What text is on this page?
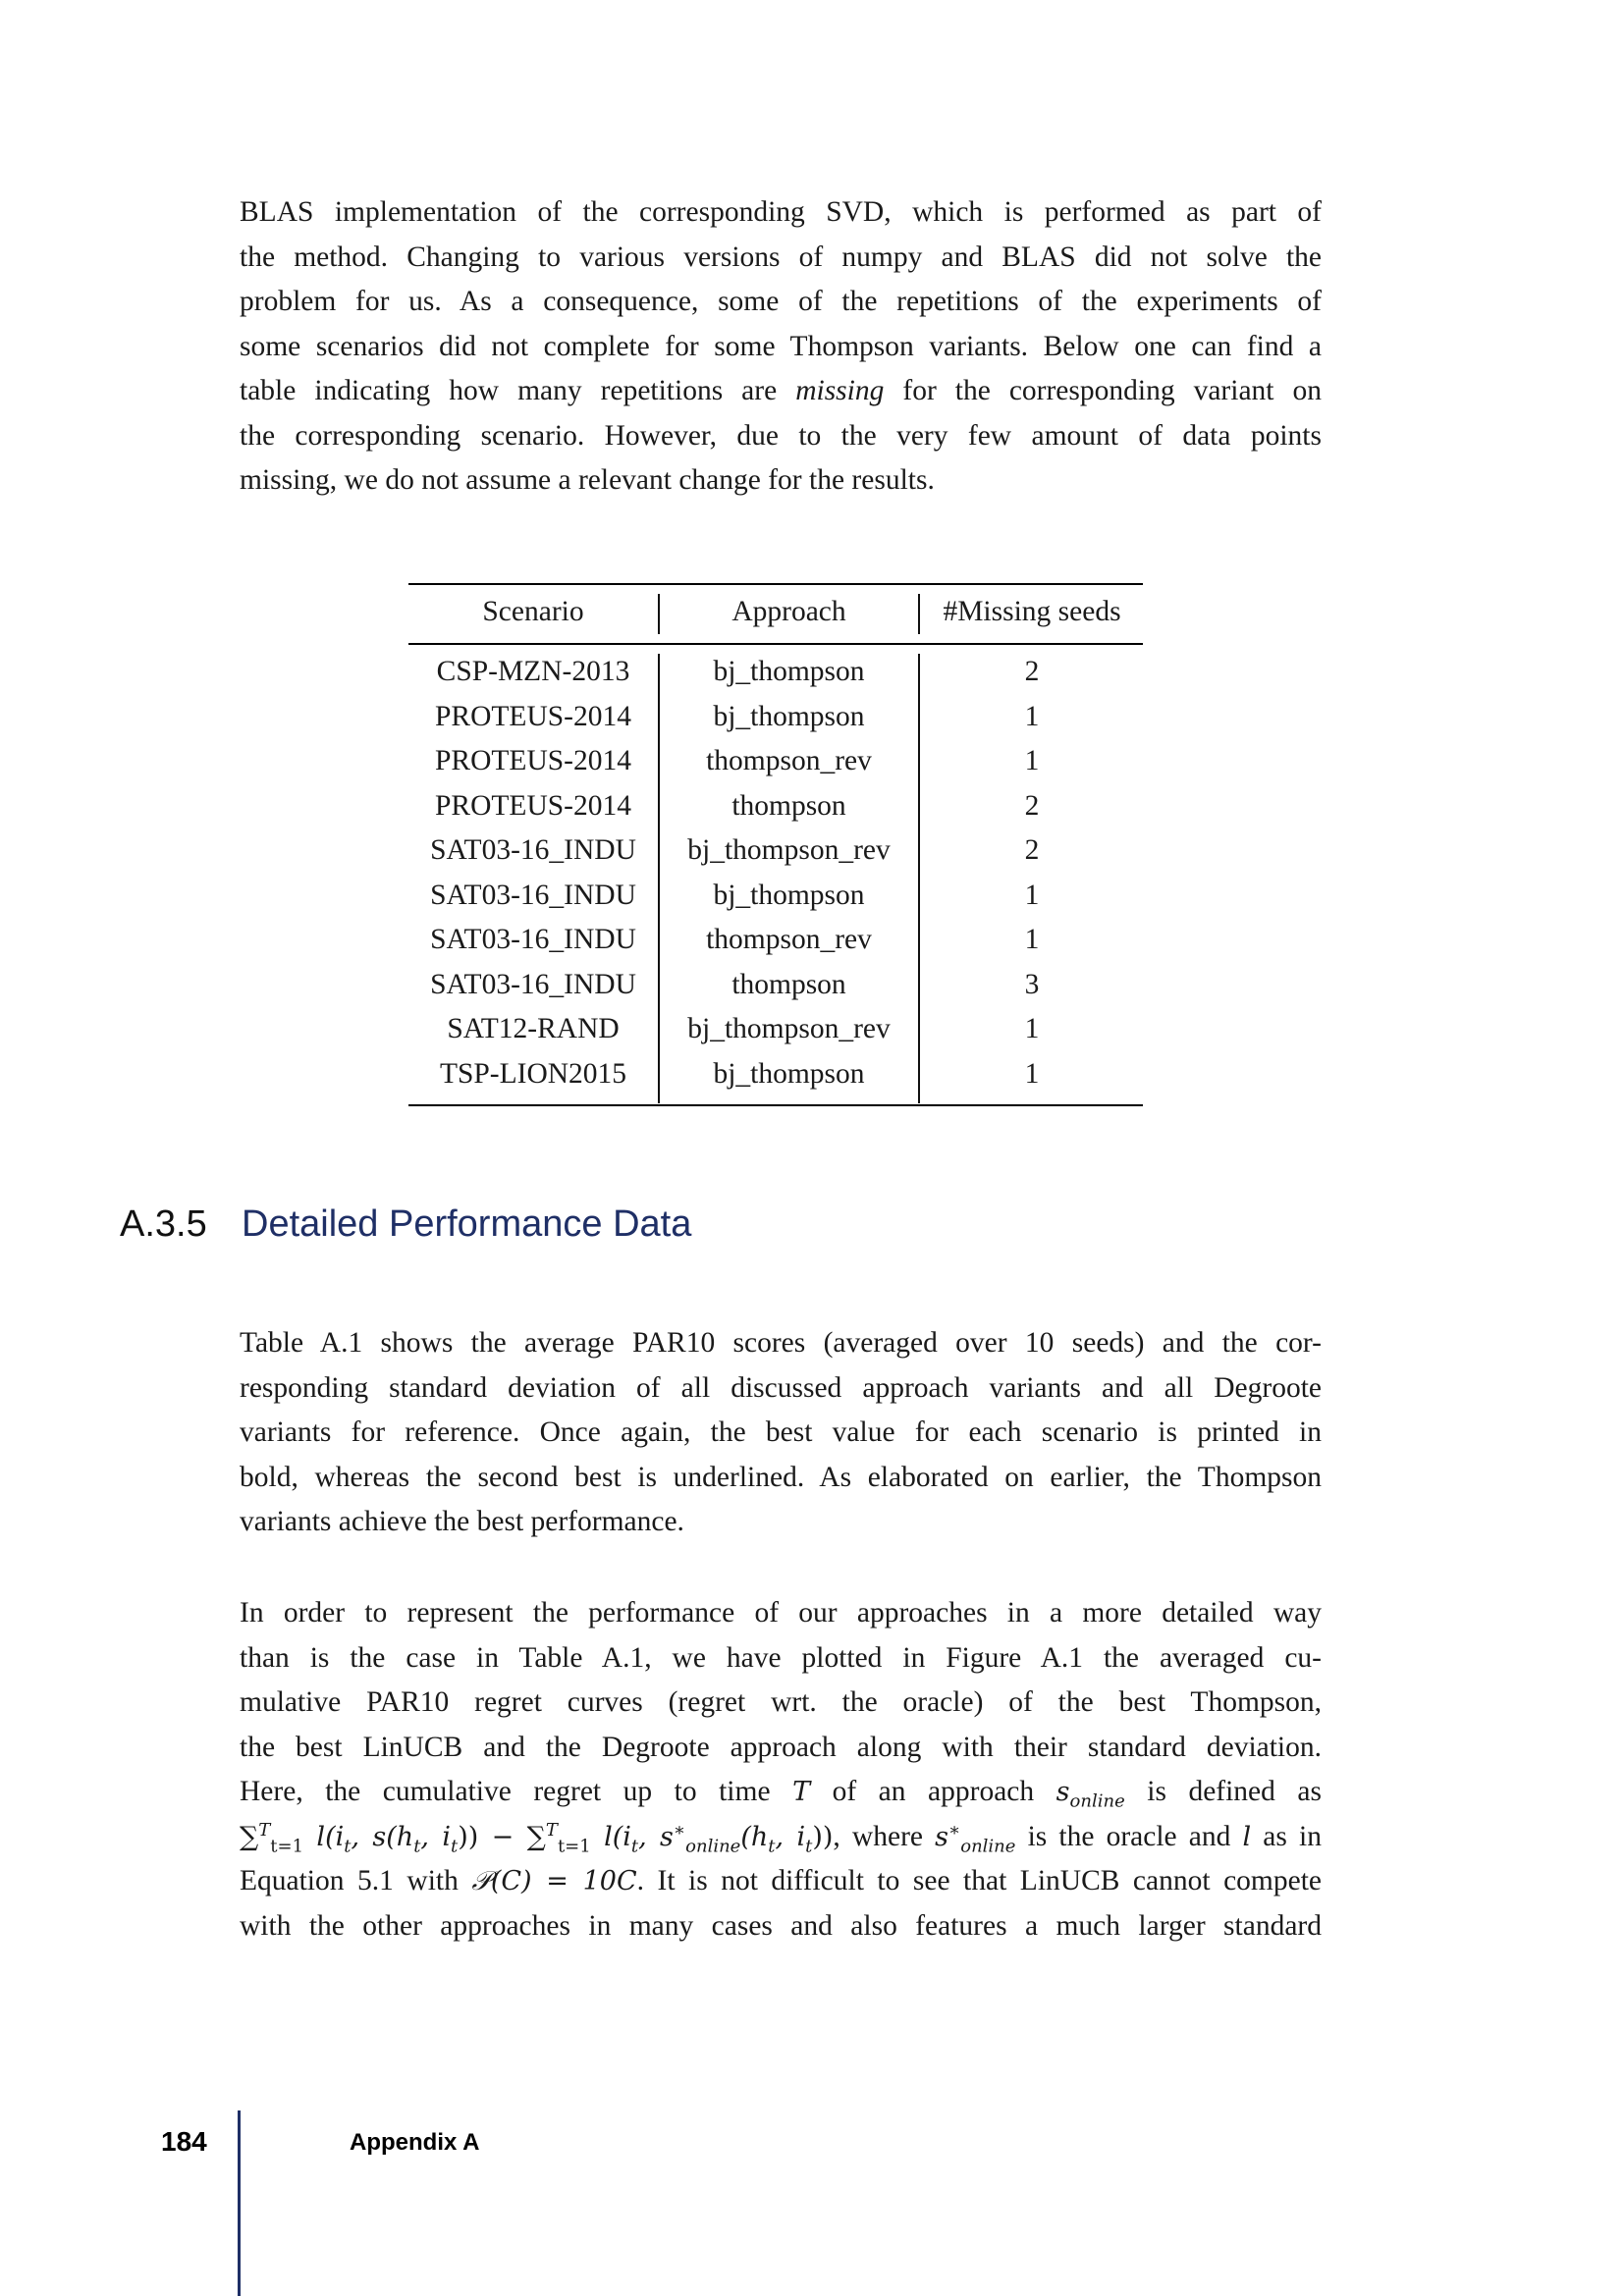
BLAS implementation of the corresponding SVD, which is performed as part of
the method. Changing to various versions of numpy and BLAS did not solve the
problem for us. As a consequence, some of the repetitions of the experiments of
some scenarios did not complete for some Thompson variants. Below one can find a
table indicating how many repetitions are missing for the corresponding variant on
the corresponding scenario. However, due to the very few amount of data points
missing, we do not assume a relevant change for the results.
Scenario	Approach	#Missing seeds
CSP-MZN-2013	bj_thompson	2
PROTEUS-2014	bj_thompson	1
PROTEUS-2014	thompson_rev	1
PROTEUS-2014	thompson	2
SAT03-16_INDU	bj_thompson_rev	2
SAT03-16_INDU	bj_thompson	1
SAT03-16_INDU	thompson_rev	1
SAT03-16_INDU	thompson	3
SAT12-RAND	bj_thompson_rev	1
TSP-LION2015	bj_thompson	1
A.3.5 Detailed Performance Data
Table A.1 shows the average PAR10 scores (averaged over 10 seeds) and the cor-
responding standard deviation of all discussed approach variants and all Degroote
variants for reference. Once again, the best value for each scenario is printed in
bold, whereas the second best is underlined. As elaborated on earlier, the Thompson
variants achieve the best performance.
In order to represent the performance of our approaches in a more detailed way
than is the case in Table A.1, we have plotted in Figure A.1 the averaged cu-
mulative PAR10 regret curves (regret wrt. the oracle) of the best Thompson,
the best LinUCB and the Degroote approach along with their standard deviation.
Here, the cumulative regret up to time T of an approach $s_{online}$ is defined as
∑$^T_{t=1}$ $l(i_t$, $s(h_t$, $i_t)) - \sum^T_{t=1}$ $l(i_t$, $s^∗_{online}(h_t$, $i_t$)), where $s^∗_{online}$ is the oracle and l as in
Equation 5.1 with 𝒫(C) = 10C. It is not difficult to see that LinUCB cannot compete
with the other approaches in many cases and also features a much larger standard
184	Appendix A
